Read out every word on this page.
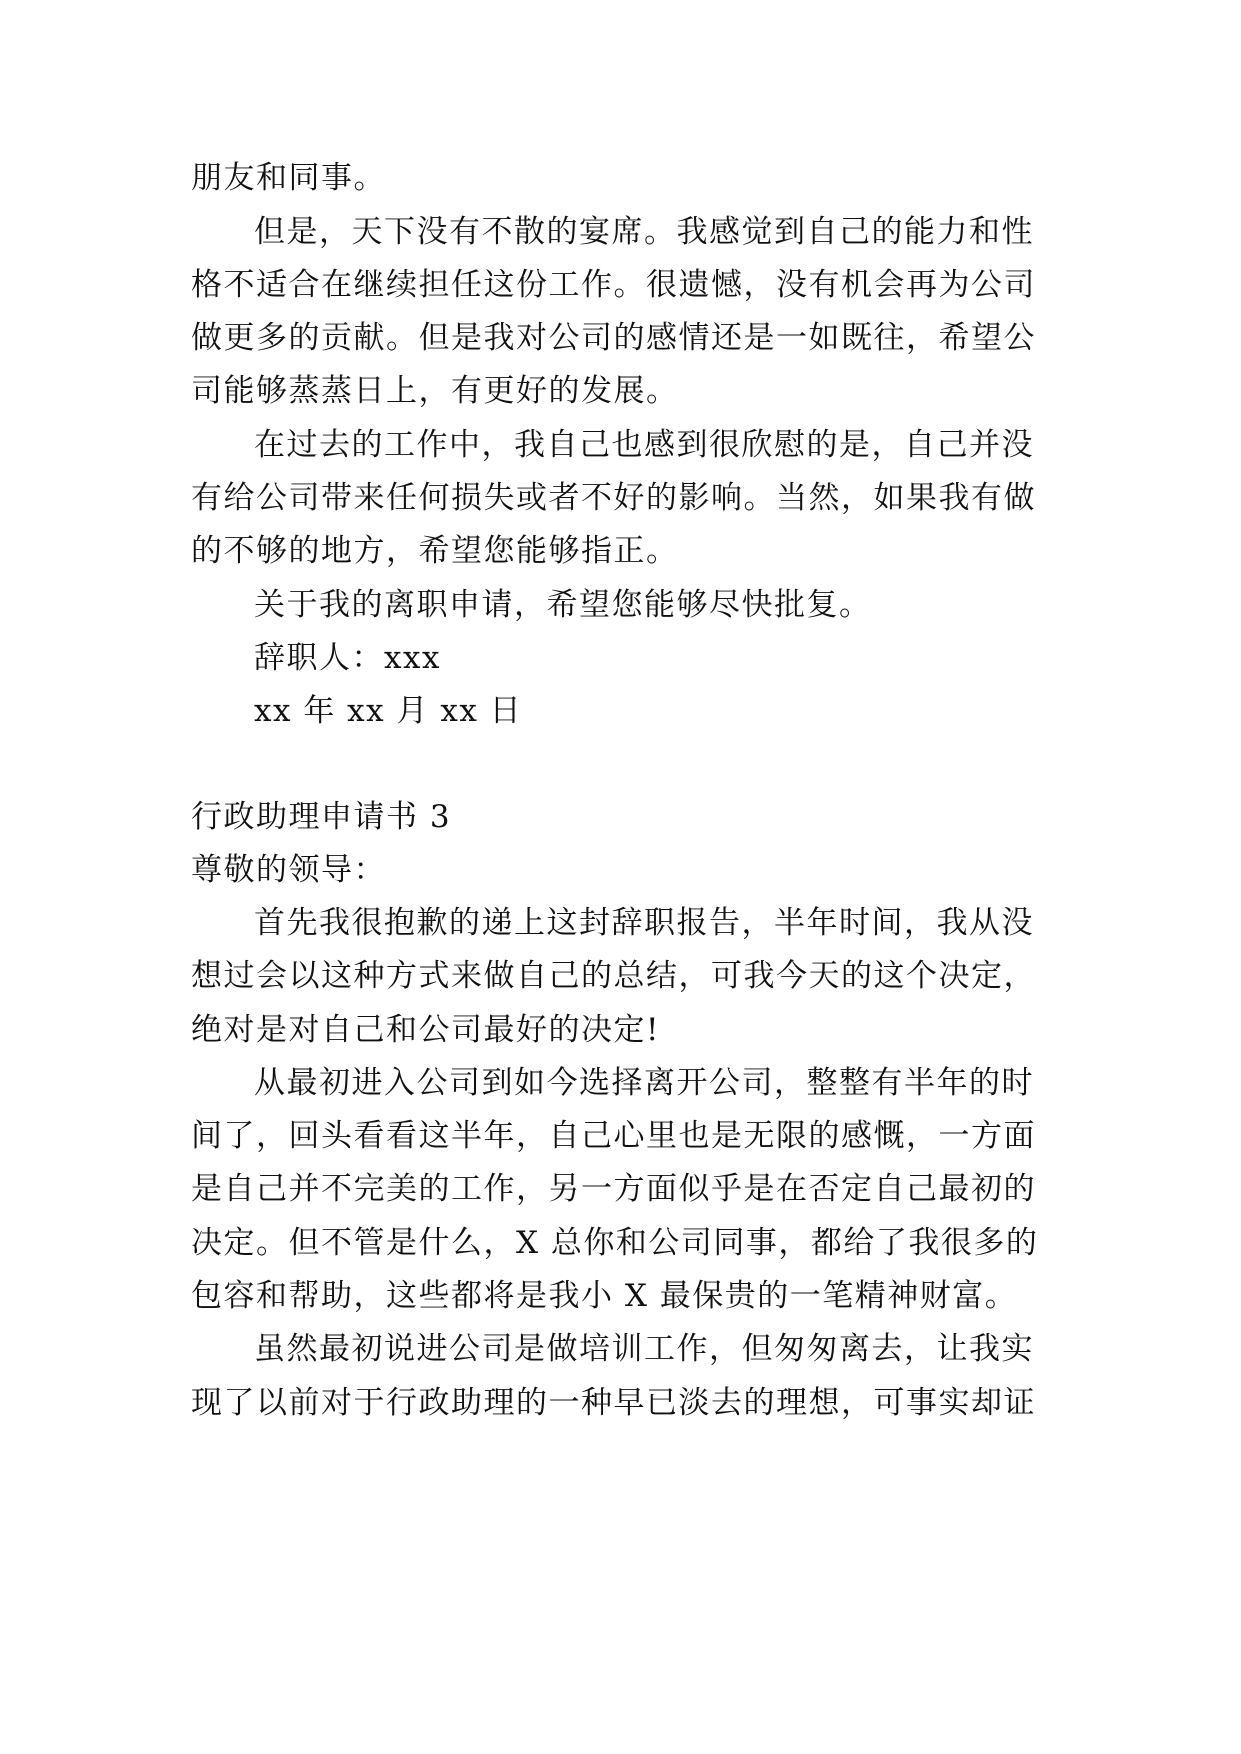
朋友和同事。
但是，天下没有不散的宴席。我感觉到自己的能力和性
格不适合在继续担任这份工作。很遗憾，没有机会再为公司
做更多的贡献。但是我对公司的感情还是一如既往，希望公
司能够蒸蒸日上，有更好的发展。
在过去的工作中，我自己也感到很欣慰的是，自己并没
有给公司带来任何损失或者不好的影响。当然，如果我有做
的不够的地方，希望您能够指正。
关于我的离职申请，希望您能够尽快批复。
辞职人：xxx
xx 年 xx 月 xx 日
行政助理申请书 3
尊敬的领导：
首先我很抱歉的递上这封辞职报告，半年时间，我从没
想过会以这种方式来做自己的总结，可我今天的这个决定，
绝对是对自己和公司最好的决定!
从最初进入公司到如今选择离开公司，整整有半年的时
间了，回头看看这半年，自己心里也是无限的感慨，一方面
是自己并不完美的工作，另一方面似乎是在否定自己最初的
决定。但不管是什么，X 总你和公司同事，都给了我很多的
包容和帮助，这些都将是我小 X 最保贵的一笔精神财富。
虽然最初说进公司是做培训工作，但匆匆离去，让我实
现了以前对于行政助理的一种早已淡去的理想，可事实却证
